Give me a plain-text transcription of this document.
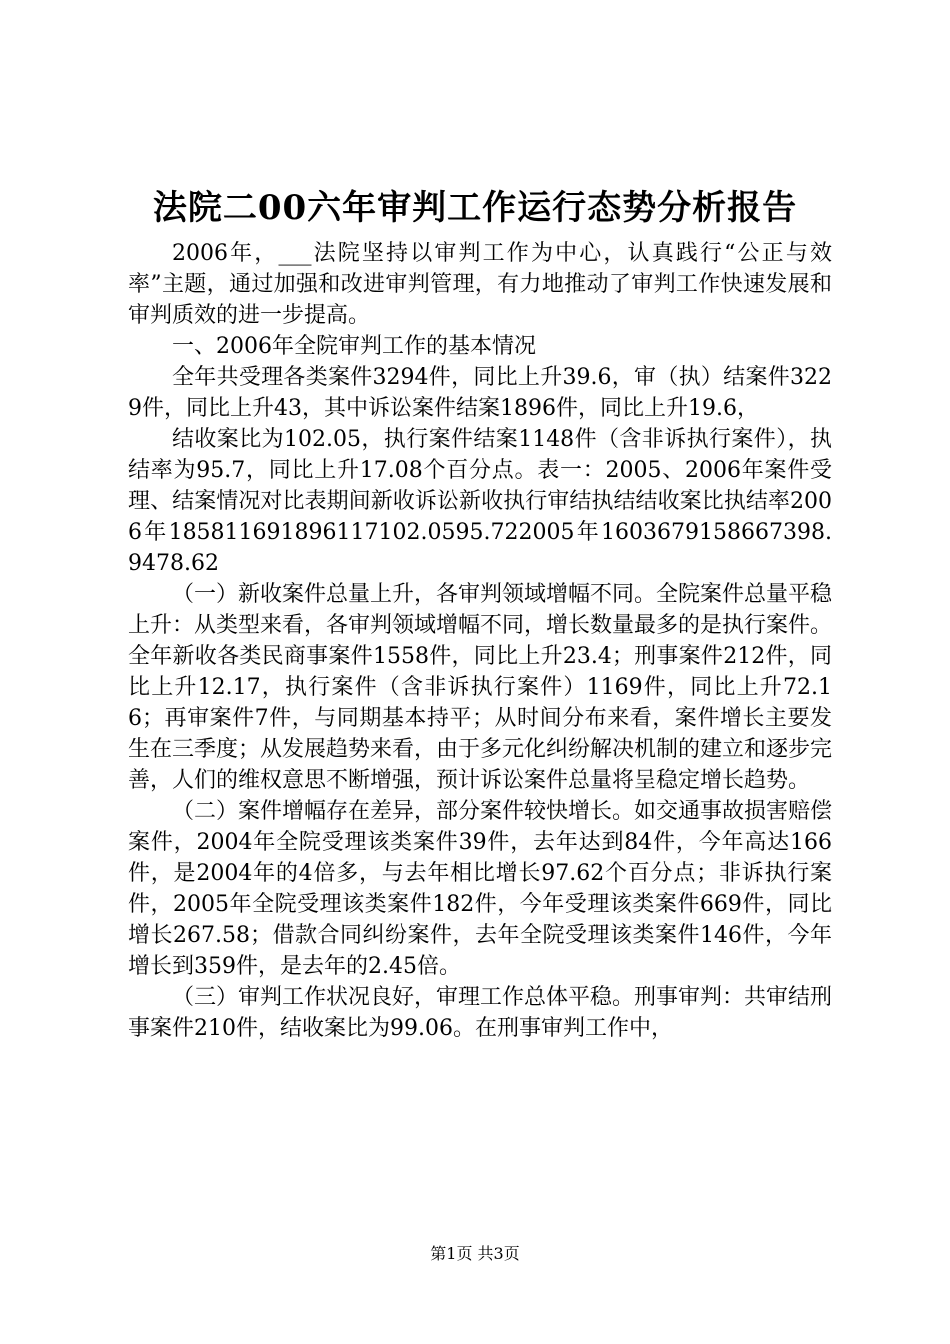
法院二00六年审判工作运行态势分析报告

2006年，___法院坚持以审判工作为中心，认真践行“公正与效率”主题，通过加强和改进审判管理，有力地推动了审判工作快速发展和审判质效的进一步提高。

一、2006年全院审判工作的基本情况

全年共受理各类案件3294件，同比上升39.6，审（执）结案件3229件，同比上升43，其中诉讼案件结案1896件，同比上升19.6，

结收案比为102.05，执行案件结案1148件（含非诉执行案件），执结率为95.7，同比上升17.08个百分点。表一：2005、2006年案件受理、结案情况对比表期间新收诉讼新收执行审结执结结收案比执结率2006年18581169189611710​2.0595.722005年1603679158667398.9478.62

（一）新收案件总量上升，各审判领域增幅不同。全院案件总量平稳上升：从类型来看，各审判领域增幅不同，增长数量最多的是执行案件。全年新收各类民商事案件1558件，同比上升23.4；刑事案件212件，同比上升12.17，执行案件（含非诉执行案件）1169件，同比上升72.16；再审案件7件，与同期基本持平；从时间分布来看，案件增长主要发生在三季度；从发展趋势来看，由于多元化纠纷解决机制的建立和逐步完善，人们的维权意思不断增强，预计诉讼案件总量将呈稳定增长趋势。

（二）案件增幅存在差异，部分案件较快增长。如交通事故损害赔偿案件，2004年全院受理该类案件39件，去年达到84件，今年高达166件，是2004年的4倍多，与去年相比增长97.62个百分点；非诉执行案件，2005年全院受理该类案件182件，今年受理该类案件669件，同比增长267.58；借款合同纠纷案件，去年全院受理该类案件146件，今年增长到359件，是去年的2.45倍。

（三）审判工作状况良好，审理工作总体平稳。刑事审判：共审结刑事案件210件，结收案比为99.06。在刑事审判工作中，

第1页 共3页
